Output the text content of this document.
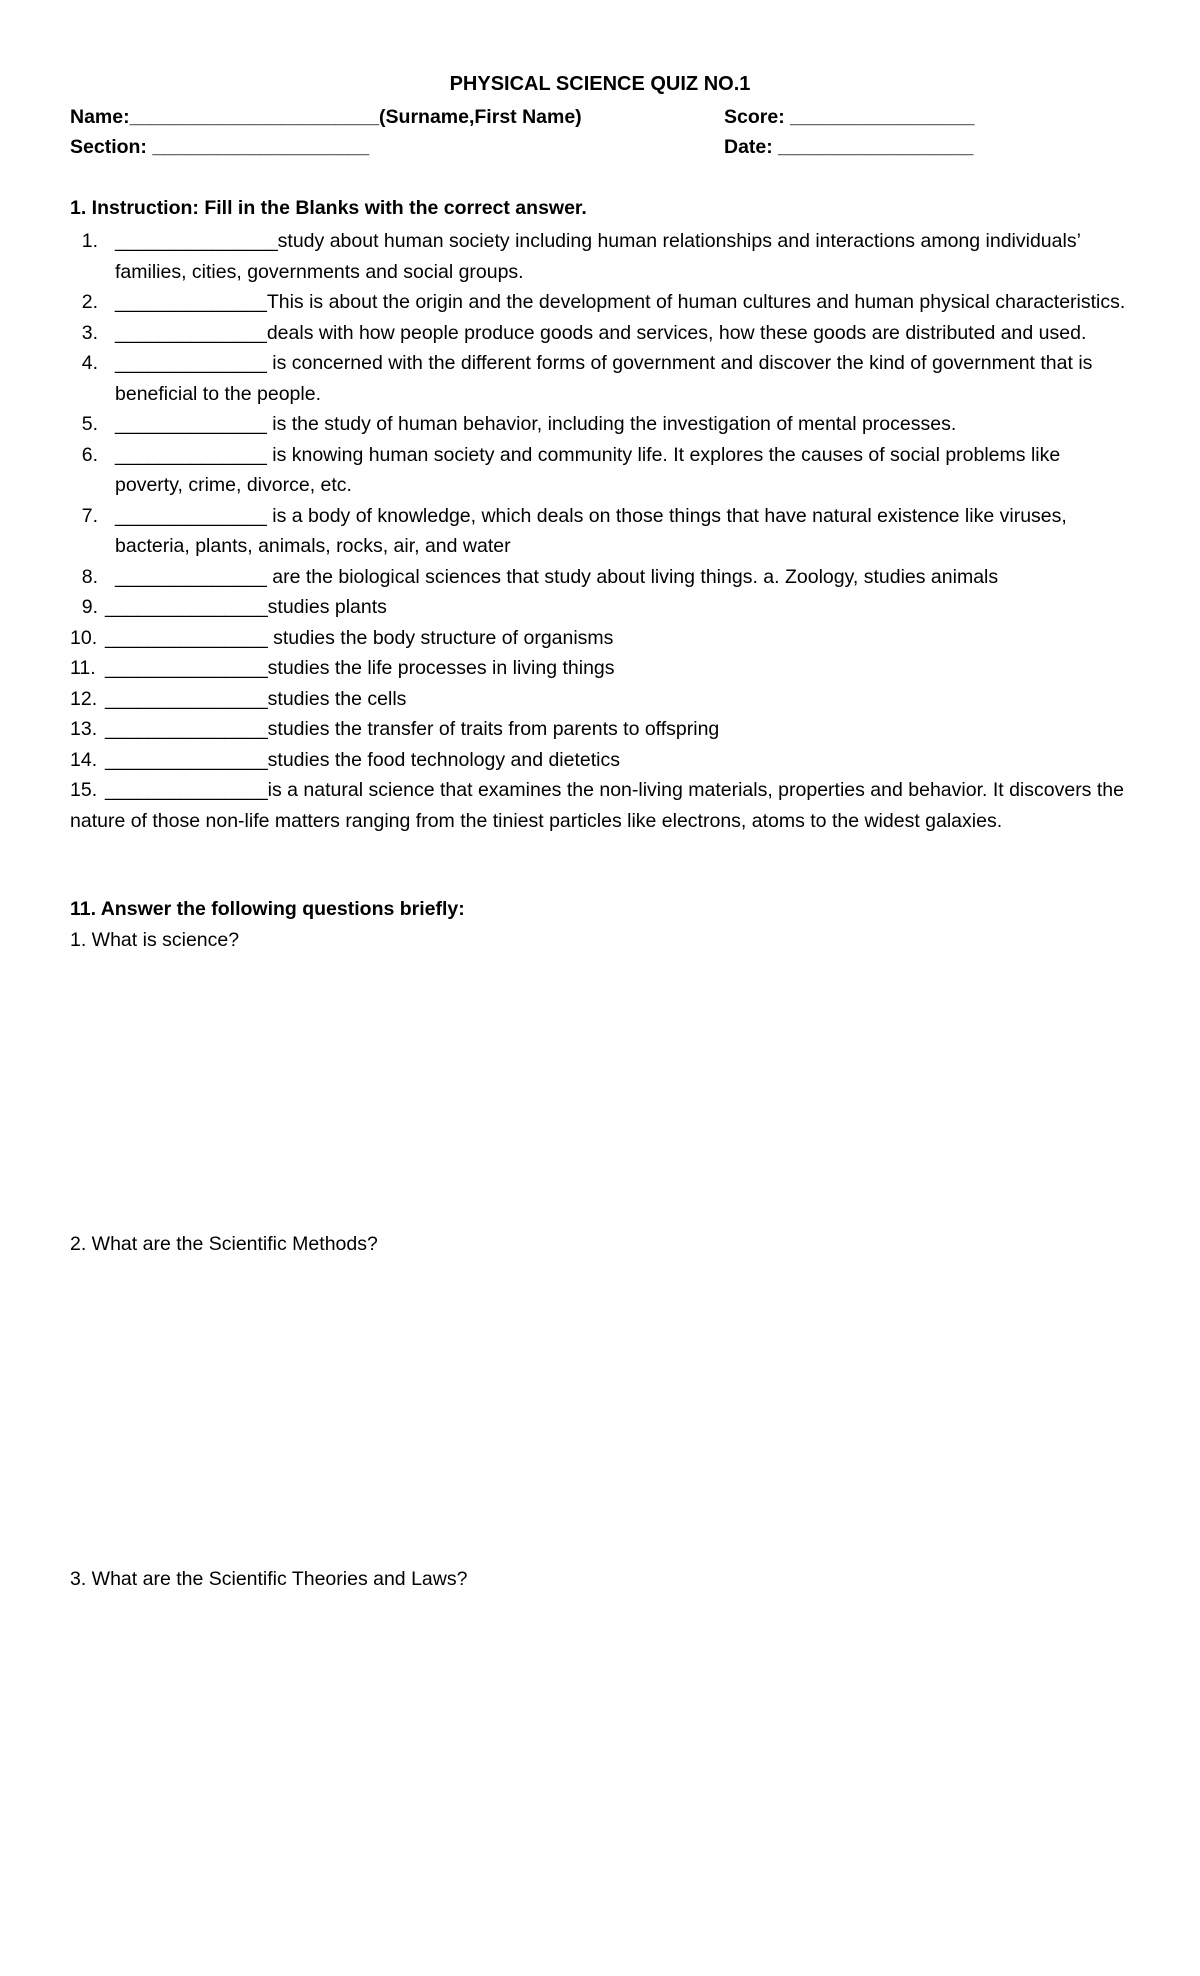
PHYSICAL SCIENCE QUIZ NO.1
Name:_______________________(Surname,First Name)	Score: _________________
Section: ____________________	Date: __________________
1. Instruction: Fill in the Blanks with the correct answer.
1. _______________study about human society including human relationships and interactions among individuals’ families, cities, governments and social groups.
2. ______________This is about the origin and the development of human cultures and human physical characteristics.
3. ______________deals with how people produce goods and services, how these goods are distributed and used.
4. ______________ is concerned with the different forms of government and discover the kind of government that is beneficial to the people.
5. ______________ is the study of human behavior, including the investigation of mental processes.
6. ______________ is knowing human society and community life. It explores the causes of social problems like poverty, crime, divorce, etc.
7. ______________ is a body of knowledge, which deals on those things that have natural existence like viruses, bacteria, plants, animals, rocks, air, and water
8. ______________ are the biological sciences that study about living things. a. Zoology, studies animals
9. _______________studies plants
10. _______________ studies the body structure of organisms
11. _______________studies the life processes in living things
12. _______________studies the cells
13. _______________studies the transfer of traits from parents to offspring
14. _______________studies the food technology and dietetics
15. _______________is a natural science that examines the non-living materials, properties and behavior. It discovers the nature of those non-life matters ranging from the tiniest particles like electrons, atoms to the widest galaxies.
11. Answer the following questions briefly:
1. What is science?
2. What are the Scientific Methods?
3. What are the Scientific Theories and Laws?
